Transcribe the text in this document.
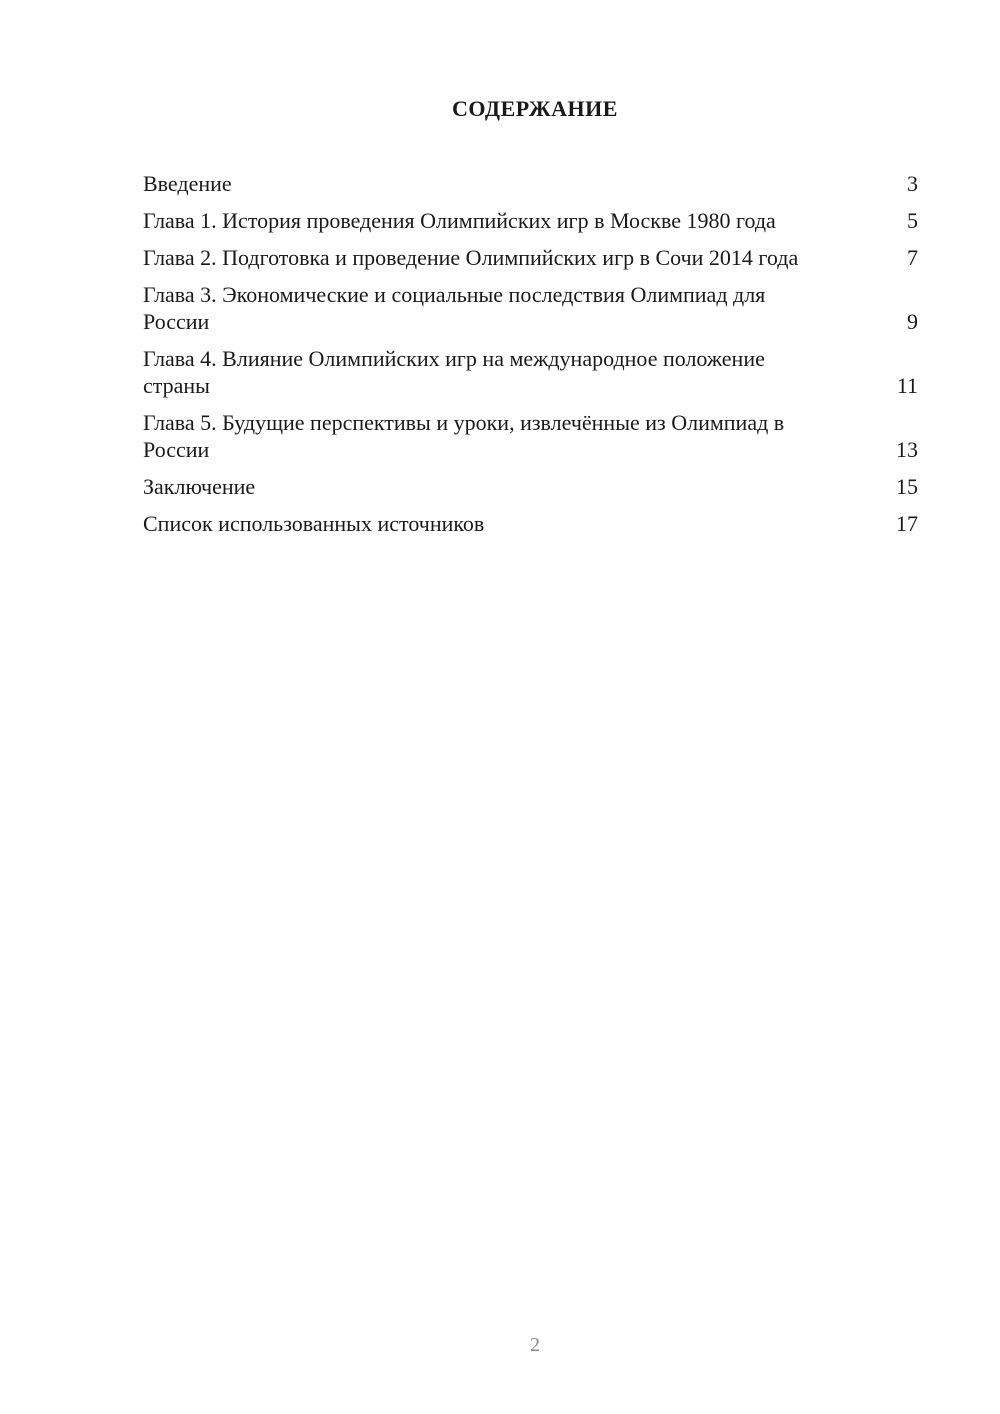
СОДЕРЖАНИЕ
Введение	3
Глава 1. История проведения Олимпийских игр в Москве 1980 года	5
Глава 2. Подготовка и проведение Олимпийских игр в Сочи 2014 года	7
Глава 3. Экономические и социальные последствия Олимпиад для России	9
Глава 4. Влияние Олимпийских игр на международное положение страны	11
Глава 5. Будущие перспективы и уроки, извлечённые из Олимпиад в России	13
Заключение	15
Список использованных источников	17
2
